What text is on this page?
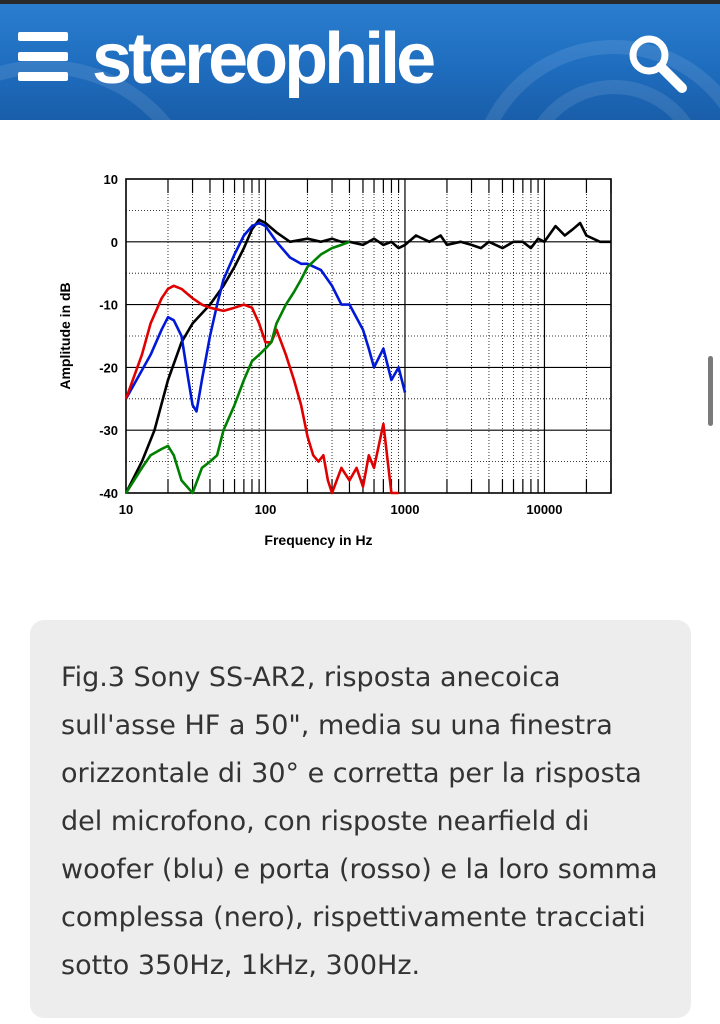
stereophile
10
0
-10
-20
-30
-40
10	100	1000	10000
Frequency in Hz
Amplitude in dB
Fig.3 Sony SS-AR2, risposta anecoica sull'asse HF a 50", media su una finestra orizzontale di 30° e corretta per la risposta del microfono, con risposte nearfield di woofer (blu) e porta (rosso) e la loro somma complessa (nero), rispettivamente tracciati sotto 350Hz, 1kHz, 300Hz.
